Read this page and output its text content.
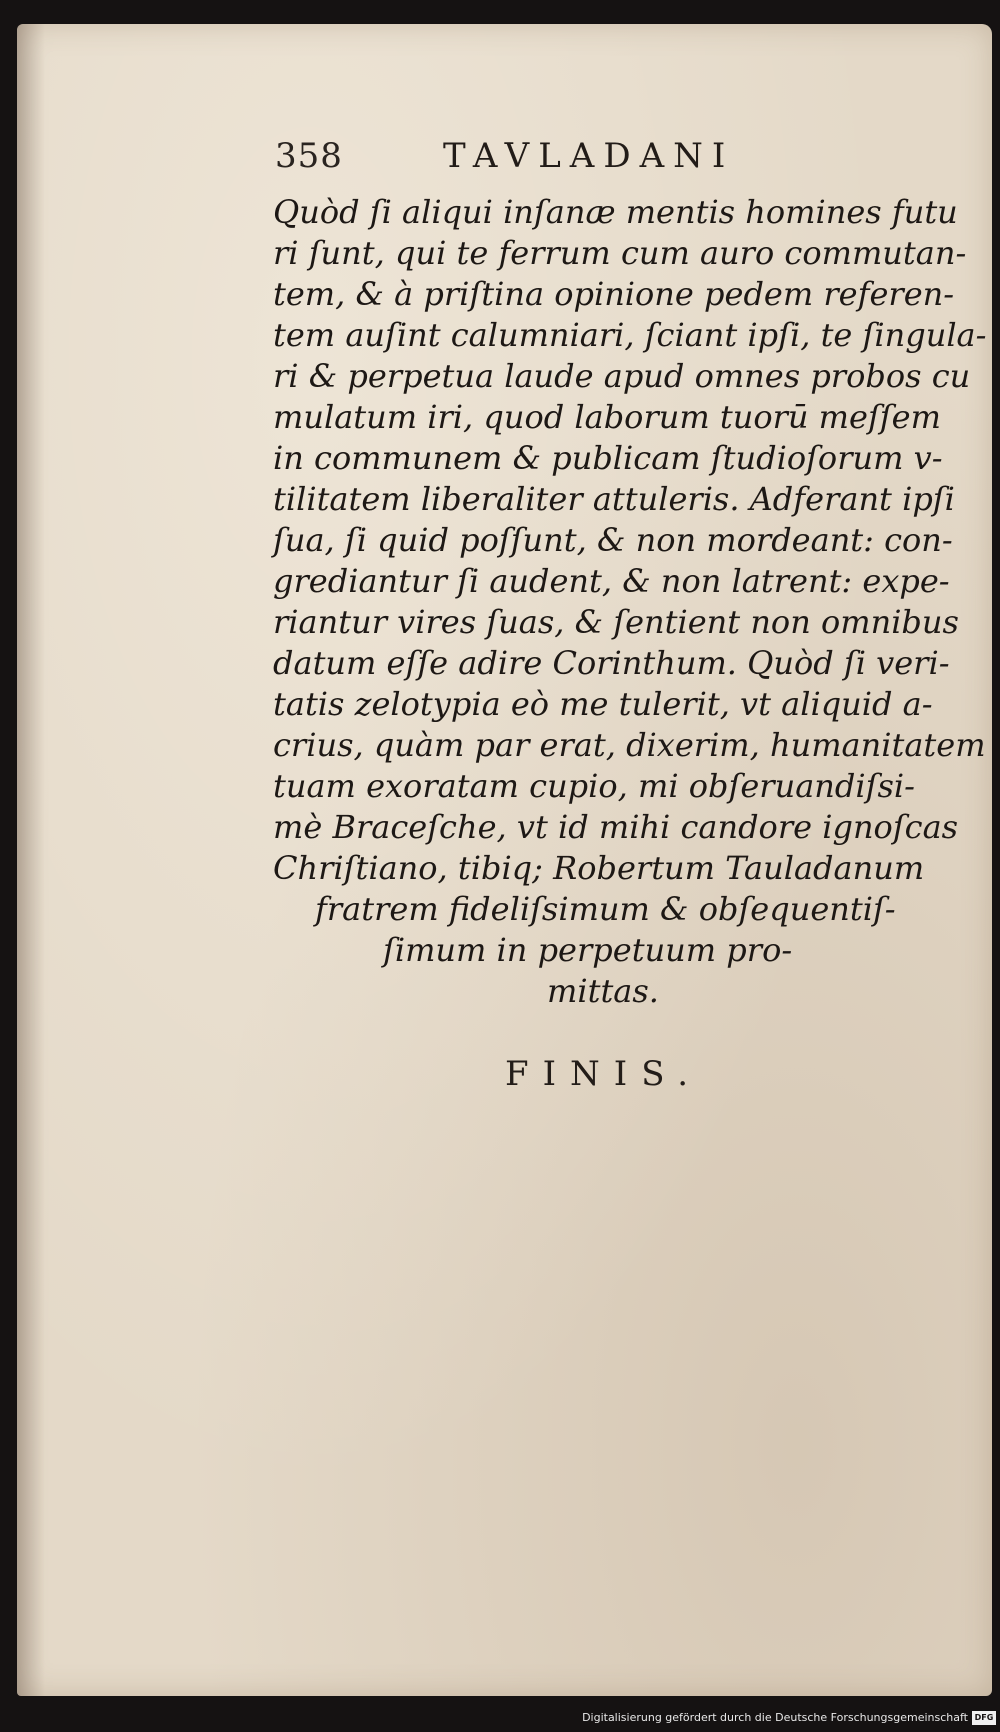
358	TAVLADANI
Quòd ſi aliqui inſanæ mentis homines futu
ri ſunt, qui te ferrum cum auro commutan-
tem, & à priſtina opinione pedem referen-
tem auſint calumniari, ſciant ipſi, te ſingula-
ri & perpetua laude apud omnes probos cu
mulatum iri, quod laborum tuorū meſſem
in communem & publicam ſtudioſorum v-
tilitatem liberaliter attuleris. Adferant ipſi
ſua, ſi quid poſſunt, & non mordeant: con-
grediantur ſi audent, & non latrent: expe-
riantur vires ſuas, & ſentient non omnibus
datum eſſe adire Corinthum. Quòd ſi veri-
tatis zelotypia eò me tulerit, vt aliquid a-
crius, quàm par erat, dixerim, humanitatem
tuam exoratam cupio, mi obſeruandiſsi-
mè Braceſche, vt id mihi candore ignoſcas
Chriſtiano, tibiq; Robertum Tauladanum
fratrem fideliſsimum & obſequentiſ-
ſimum in perpetuum pro-
mittas.
FINIS.
Digitalisierung gefördert durch die Deutsche Forschungsgemeinschaft DFG
